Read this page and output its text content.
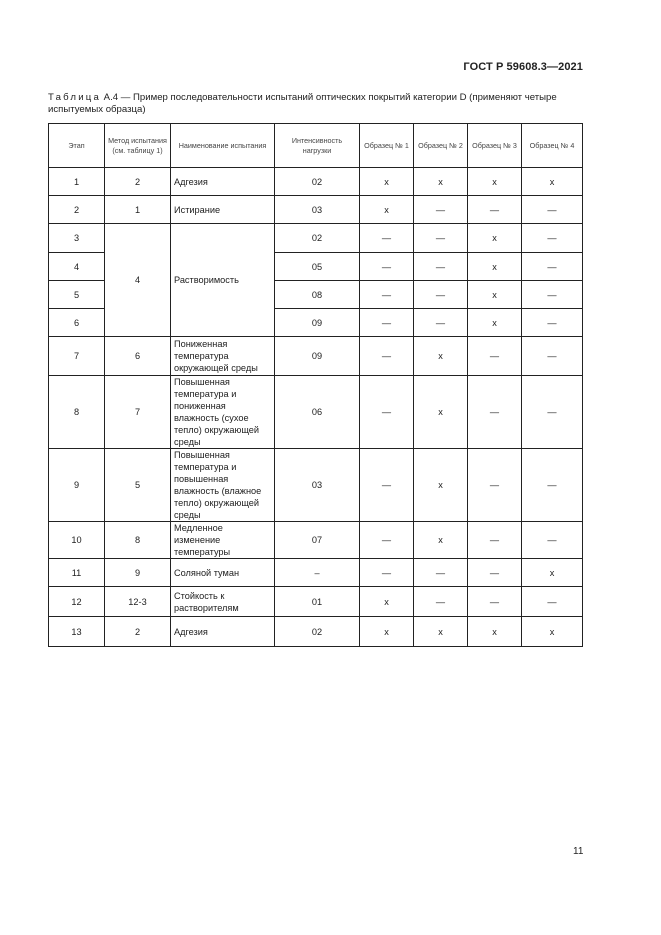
ГОСТ Р 59608.3—2021
Таблица А.4 — Пример последовательности испытаний оптических покрытий категории D (применяют четыре испытуемых образца)
Этап	Метод испытания (см. таблицу 1)	Наименование испытания	Интенсивность нагрузки	Образец № 1	Образец № 2	Образец № 3	Образец № 4
1	2	Адгезия	02	x	x	x	x
2	1	Истирание	03	x	—	—	—
3	4	Растворимость	02	—	—	x	—
4			05	—	—	x	—
5			08	—	—	x	—
6			09	—	—	x	—
7	6	Пониженная температура окружающей среды	09	—	x	—	—
8	7	Повышенная температура и пониженная влажность (сухое тепло) окружающей среды	06	—	x	—	—
9	5	Повышенная температура и повышенная влажность (влажное тепло) окружающей среды	03	—	x	—	—
10	8	Медленное изменение температуры	07	—	x	—	—
11	9	Соляной туман	–	—	—	—	x
12	12-3	Стойкость к растворителям	01	x	—	—	—
13	2	Адгезия	02	x	x	x	x
11
